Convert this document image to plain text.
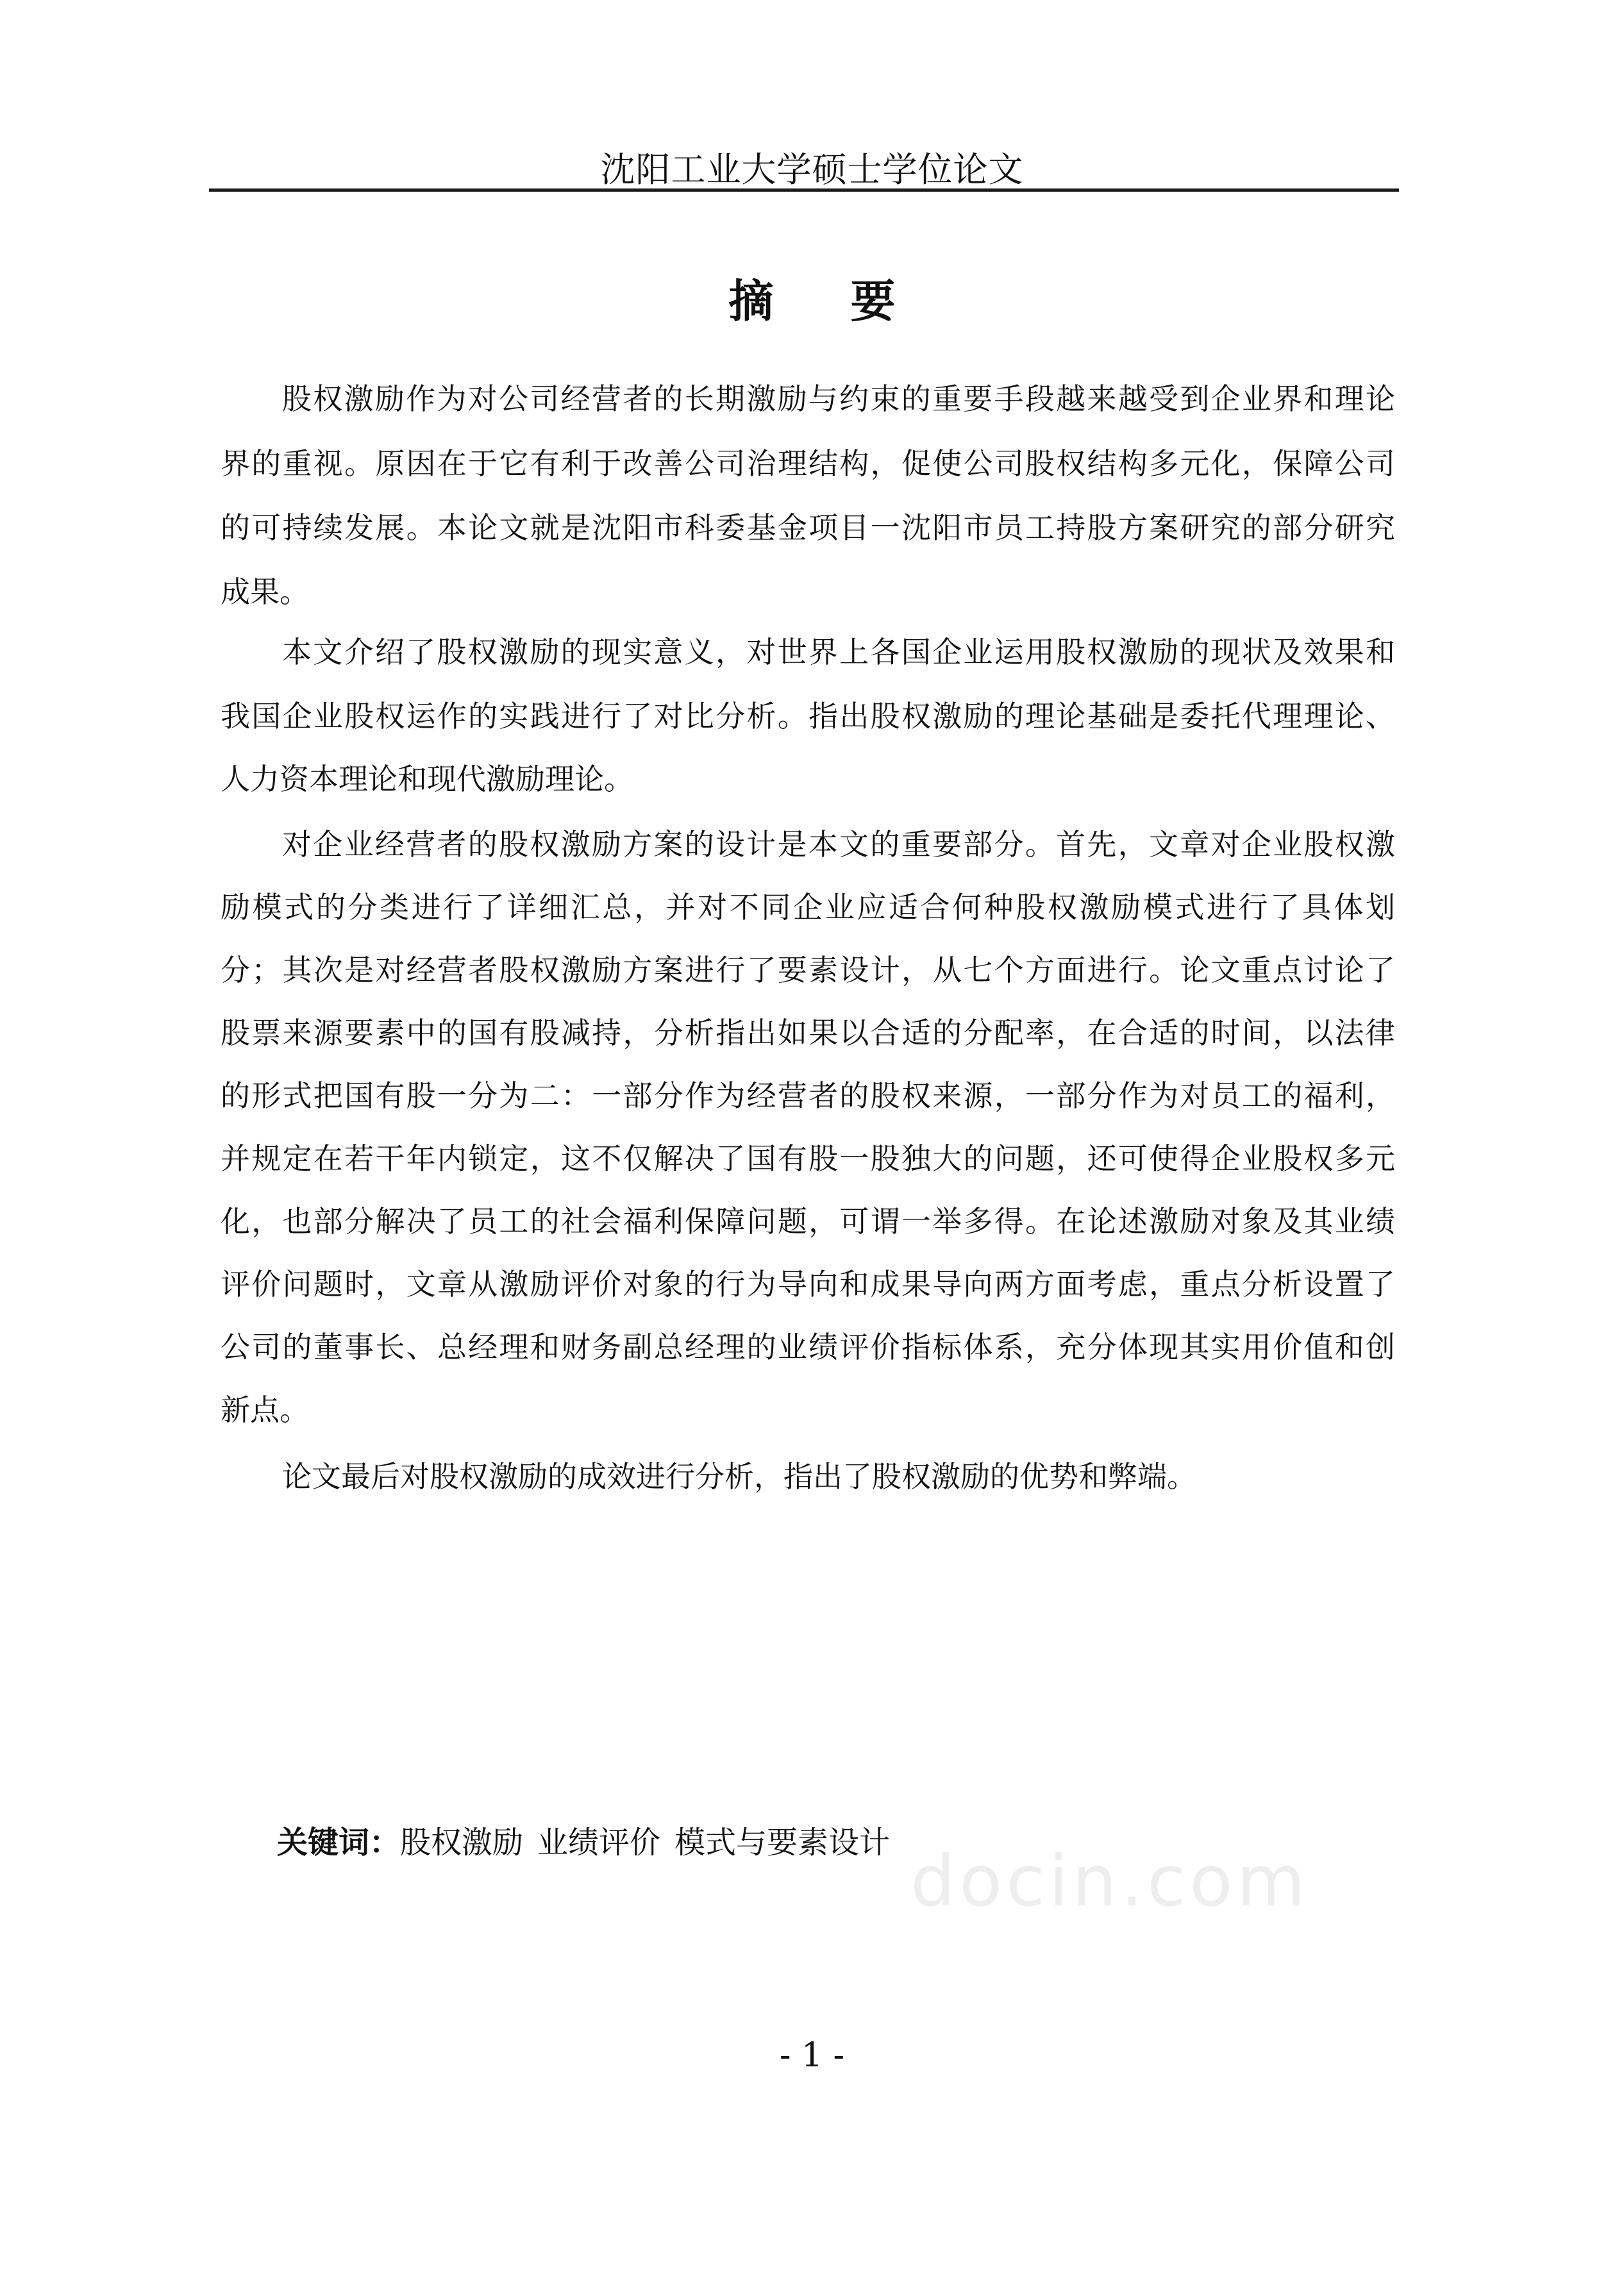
沈阳工业大学硕士学位论文
摘 要
股权激励作为对公司经营者的长期激励与约束的重要手段越来越受到企业界和理论
界的重视。原因在于它有利于改善公司治理结构，促使公司股权结构多元化，保障公司
的可持续发展。本论文就是沈阳市科委基金项目一沈阳市员工持股方案研究的部分研究
成果。
本文介绍了股权激励的现实意义，对世界上各国企业运用股权激励的现状及效果和
我国企业股权运作的实践进行了对比分析。指出股权激励的理论基础是委托代理理论、
人力资本理论和现代激励理论。
对企业经营者的股权激励方案的设计是本文的重要部分。首先，文章对企业股权激
励模式的分类进行了详细汇总，并对不同企业应适合何种股权激励模式进行了具体划
分；其次是对经营者股权激励方案进行了要素设计，从七个方面进行。论文重点讨论了
股票来源要素中的国有股减持，分析指出如果以合适的分配率，在合适的时间，以法律
的形式把国有股一分为二：一部分作为经营者的股权来源，一部分作为对员工的福利，
并规定在若干年内锁定，这不仅解决了国有股一股独大的问题，还可使得企业股权多元
化，也部分解决了员工的社会福利保障问题，可谓一举多得。在论述激励对象及其业绩
评价问题时，文章从激励评价对象的行为导向和成果导向两方面考虑，重点分析设置了
公司的董事长、总经理和财务副总经理的业绩评价指标体系，充分体现其实用价值和创
新点。
论文最后对股权激励的成效进行分析，指出了股权激励的优势和弊端。
关键词：股权激励 业绩评价 模式与要素设计 docin.com
- 1 -
